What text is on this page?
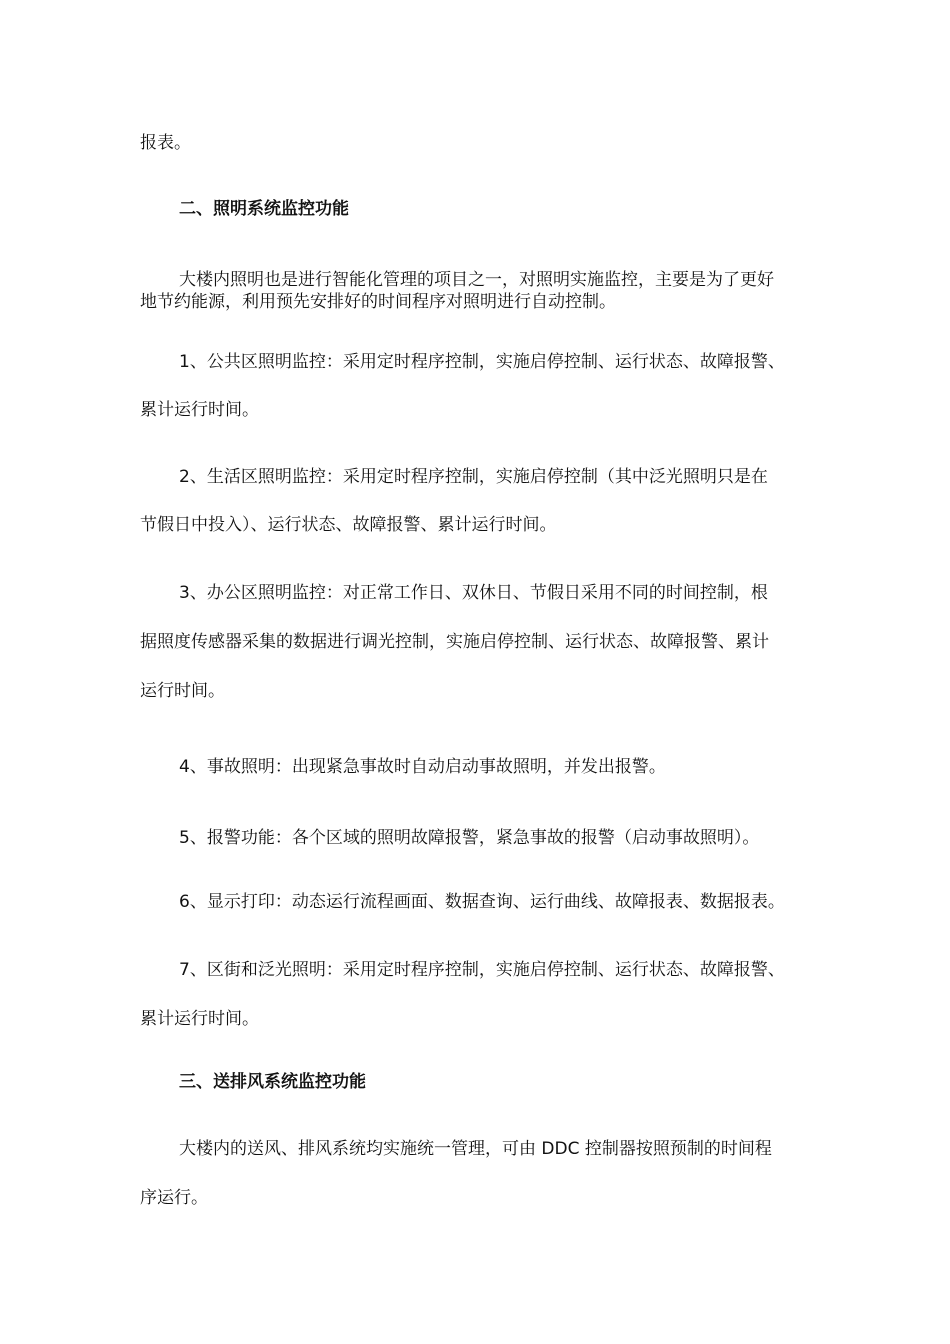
报表。
二、照明系统监控功能
大楼内照明也是进行智能化管理的项目之一，对照明实施监控，主要是为了更好
地节约能源，利用预先安排好的时间程序对照明进行自动控制。
1、公共区照明监控：采用定时程序控制，实施启停控制、运行状态、故障报警、
累计运行时间。
2、生活区照明监控：采用定时程序控制，实施启停控制（其中泛光照明只是在
节假日中投入）、运行状态、故障报警、累计运行时间。
3、办公区照明监控：对正常工作日、双休日、节假日采用不同的时间控制，根
据照度传感器采集的数据进行调光控制，实施启停控制、运行状态、故障报警、累计
运行时间。
4、事故照明：出现紧急事故时自动启动事故照明，并发出报警。
5、报警功能：各个区域的照明故障报警，紧急事故的报警（启动事故照明）。
6、显示打印：动态运行流程画面、数据查询、运行曲线、故障报表、数据报表。
7、区街和泛光照明：采用定时程序控制，实施启停控制、运行状态、故障报警、
累计运行时间。
三、送排风系统监控功能
大楼内的送风、排风系统均实施统一管理，可由 DDC 控制器按照预制的时间程
序运行。
